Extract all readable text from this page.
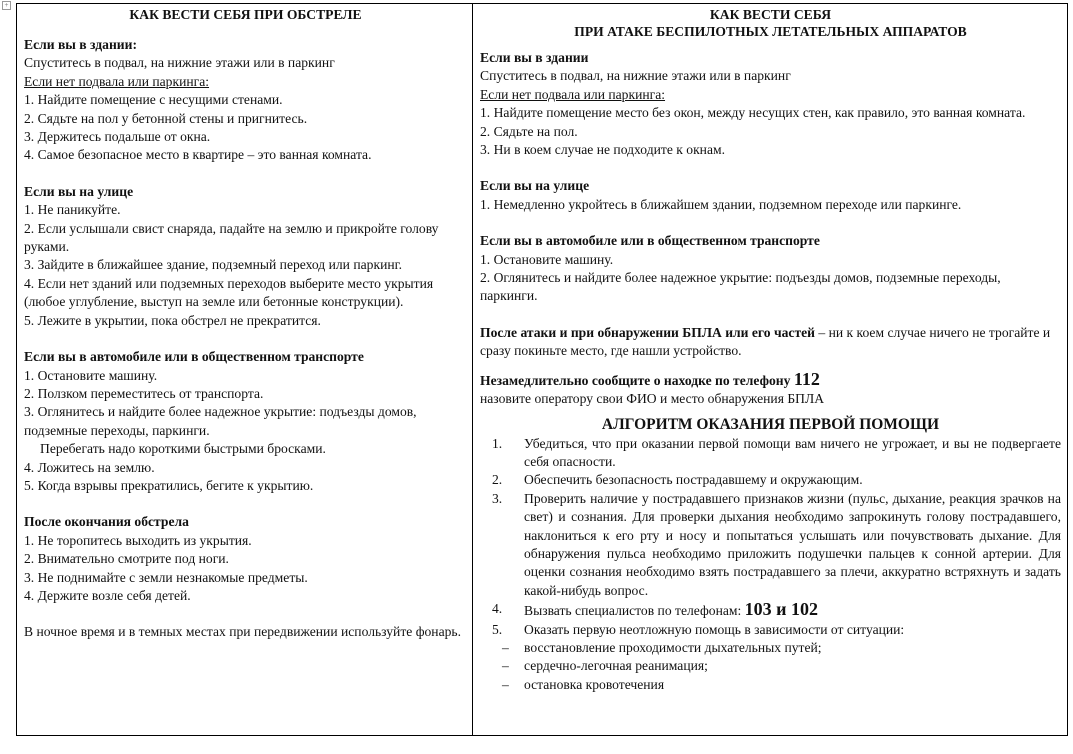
+
КАК ВЕСТИ СЕБЯ ПРИ ОБСТРЕЛЕ
Если вы в здании:
Спуститесь в подвал, на нижние этажи или в паркинг
Если нет подвала или паркинга:
1. Найдите помещение с несущими стенами.
2. Сядьте на пол у бетонной стены и пригнитесь.
3. Держитесь подальше от окна.
4. Самое безопасное место в квартире – это ванная комната.
Если вы на улице
1. Не паникуйте.
2. Если услышали свист снаряда, падайте на землю и прикройте голову руками.
3. Зайдите в ближайшее здание, подземный переход или паркинг.
4. Если нет зданий или подземных переходов выберите место укрытия (любое углубление, выступ на земле или бетонные конструкции).
5. Лежите в укрытии, пока обстрел не прекратится.
Если вы в автомобиле или в общественном транспорте
1. Остановите машину.
2. Ползком переместитесь от транспорта.
3. Оглянитесь и найдите более надежное укрытие: подъезды домов, подземные переходы, паркинги.
Перебегать надо короткими быстрыми бросками.
4. Ложитесь на землю.
5. Когда взрывы прекратились, бегите к укрытию.
После окончания обстрела
1. Не торопитесь выходить из укрытия.
2. Внимательно смотрите под ноги.
3. Не поднимайте с земли незнакомые предметы.
4. Держите возле себя детей.
В ночное время и в темных местах при передвижении используйте фонарь.
КАК ВЕСТИ СЕБЯ
ПРИ АТАКЕ БЕСПИЛОТНЫХ ЛЕТАТЕЛЬНЫХ АППАРАТОВ
Если вы в здании
Спуститесь в подвал, на нижние этажи или в паркинг
Если нет подвала или паркинга:
1. Найдите помещение место без окон, между несущих стен, как правило, это ванная комната.
2. Сядьте на пол.
3. Ни в коем случае не подходите к окнам.
Если вы на улице
1. Немедленно укройтесь в ближайшем здании, подземном переходе или паркинге.
Если вы в автомобиле или в общественном транспорте
1. Остановите машину.
2. Оглянитесь и найдите более надежное укрытие: подъезды домов, подземные переходы, паркинги.
После атаки и при обнаружении БПЛА или его частей – ни к коем случае ничего не трогайте и сразу покиньте место, где нашли устройство.
Незамедлительно сообщите о находке по телефону 112
назовите оператору свои ФИО и место обнаружения БПЛА
АЛГОРИТМ ОКАЗАНИЯ ПЕРВОЙ ПОМОЩИ
1.	Убедиться, что при оказании первой помощи вам ничего не угрожает, и вы не подвергаете себя опасности.
2.	Обеспечить безопасность пострадавшему и окружающим.
3.	Проверить наличие у пострадавшего признаков жизни (пульс, дыхание, реакция зрачков на свет) и сознания. Для проверки дыхания необходимо запрокинуть голову пострадавшего, наклониться к его рту и носу и попытаться услышать или почувствовать дыхание. Для обнаружения пульса необходимо приложить подушечки пальцев к сонной артерии. Для оценки сознания необходимо взять пострадавшего за плечи, аккуратно встряхнуть и задать какой-нибудь вопрос.
4.	Вызвать специалистов по телефонам: 103 и 102
5.	Оказать первую неотложную помощь в зависимости от ситуации:
–	восстановление проходимости дыхательных путей;
–	сердечно-легочная реанимация;
–	остановка кровотечения
